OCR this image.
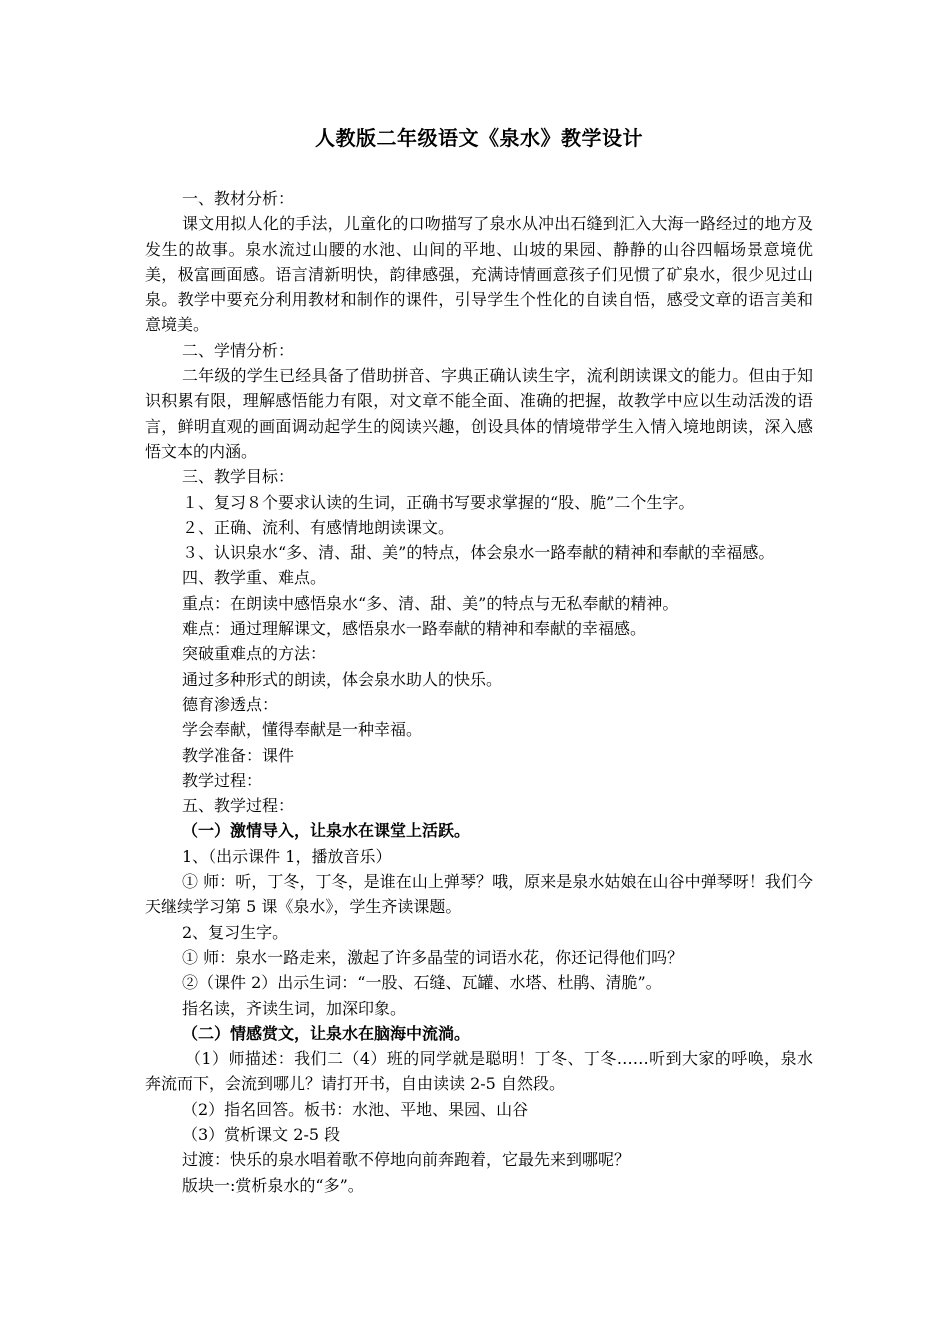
人教版二年级语文《泉水》教学设计

一、教材分析：

课文用拟人化的手法，儿童化的口吻描写了泉水从冲出石缝到汇入大海一路经过的地方及发生的故事。泉水流过山腰的水池、山间的平地、山坡的果园、静静的山谷四幅场景意境优美，极富画面感。语言清新明快，韵律感强，充满诗情画意孩子们见惯了矿泉水，很少见过山泉。教学中要充分利用教材和制作的课件，引导学生个性化的自读自悟，感受文章的语言美和意境美。

二、学情分析：

二年级的学生已经具备了借助拼音、字典正确认读生字，流利朗读课文的能力。但由于知识积累有限，理解感悟能力有限，对文章不能全面、准确的把握，故教学中应以生动活泼的语言，鲜明直观的画面调动起学生的阅读兴趣，创设具体的情境带学生入情入境地朗读，深入感悟文本的内涵。

三、教学目标：

１、复习８个要求认读的生词，正确书写要求掌握的“股、脆”二个生字。

２、正确、流利、有感情地朗读课文。

３、认识泉水“多、清、甜、美”的特点，体会泉水一路奉献的精神和奉献的幸福感。

四、教学重、难点。

重点：在朗读中感悟泉水“多、清、甜、美”的特点与无私奉献的精神。

难点：通过理解课文，感悟泉水一路奉献的精神和奉献的幸福感。

突破重难点的方法：

通过多种形式的朗读，体会泉水助人的快乐。

德育渗透点：

学会奉献，懂得奉献是一种幸福。

教学准备：课件

教学过程：

五、教学过程：

（一）激情导入，让泉水在课堂上活跃。

1、（出示课件 1，播放音乐）

① 师：听，丁冬，丁冬，是谁在山上弹琴？哦，原来是泉水姑娘在山谷中弹琴呀！我们今天继续学习第 5 课《泉水》，学生齐读课题。

2、复习生字。

① 师：泉水一路走来，激起了许多晶莹的词语水花，你还记得他们吗？

②（课件 2）出示生词：“一股、石缝、瓦罐、水塔、杜鹃、清脆”。

指名读，齐读生词，加深印象。

（二）情感赏文，让泉水在脑海中流淌。

（1）师描述：我们二（4）班的同学就是聪明！丁冬、丁冬……听到大家的呼唤，泉水奔流而下，会流到哪儿？请打开书，自由读读 2-5 自然段。

（2）指名回答。板书：水池、平地、果园、山谷

（3）赏析课文 2-5 段

过渡：快乐的泉水唱着歌不停地向前奔跑着，它最先来到哪呢？

版块一:赏析泉水的“多”。
